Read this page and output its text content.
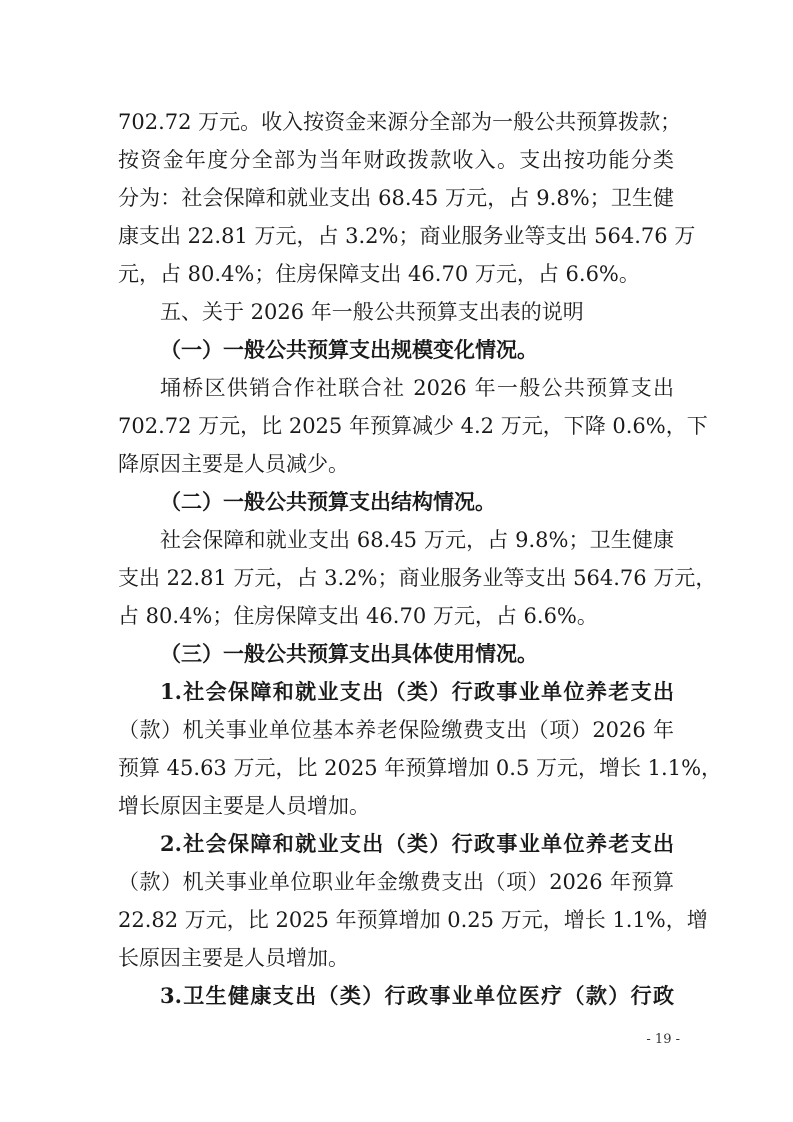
702.72 万元。收入按资金来源分全部为一般公共预算拨款；
按资金年度分全部为当年财政拨款收入。支出按功能分类
分为：社会保障和就业支出 68.45 万元，占 9.8%；卫生健
康支出 22.81 万元，占 3.2%；商业服务业等支出 564.76 万
元，占 80.4%；住房保障支出 46.70 万元，占 6.6%。
五、关于 2026 年一般公共预算支出表的说明
（一）一般公共预算支出规模变化情况。
埇桥区供销合作社联合社 2026 年一般公共预算支出
702.72 万元，比 2025 年预算减少 4.2 万元，下降 0.6%，下
降原因主要是人员减少。
（二）一般公共预算支出结构情况。
社会保障和就业支出 68.45 万元，占 9.8%；卫生健康
支出 22.81 万元，占 3.2%；商业服务业等支出 564.76 万元，
占 80.4%；住房保障支出 46.70 万元，占 6.6%。
（三）一般公共预算支出具体使用情况。
1.社会保障和就业支出（类）行政事业单位养老支出
（款）机关事业单位基本养老保险缴费支出（项）2026 年
预算 45.63 万元，比 2025 年预算增加 0.5 万元，增长 1.1%，
增长原因主要是人员增加。
2.社会保障和就业支出（类）行政事业单位养老支出
（款）机关事业单位职业年金缴费支出（项）2026 年预算
22.82 万元，比 2025 年预算增加 0.25 万元，增长 1.1%，增
长原因主要是人员增加。
3.卫生健康支出（类）行政事业单位医疗（款）行政
- 19 -
